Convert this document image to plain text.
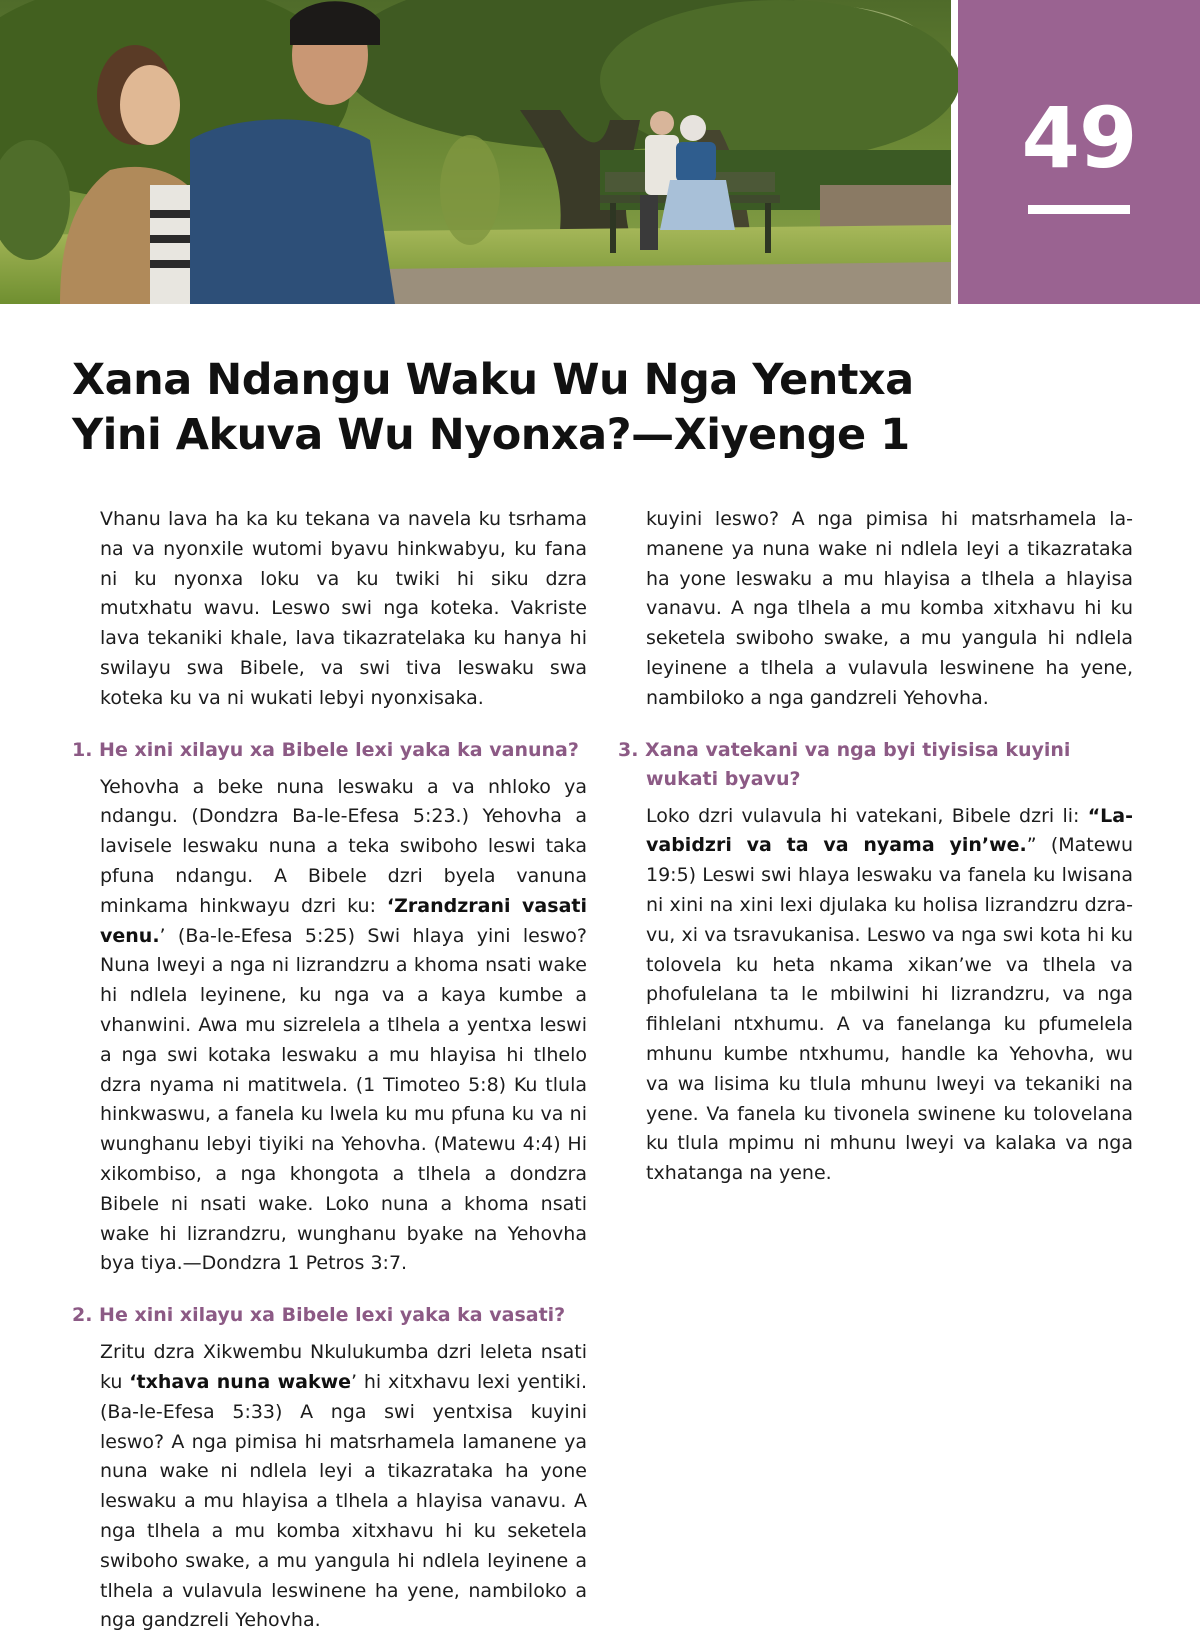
49
Xana Ndangu Waku Wu Nga Yentxa
Yini Akuva Wu Nyonxa?—Xiyenge 1

Vhanu lava ha ka ku tekana va navela ku tsrhama na va nyonxile wutomi byavu hinkwabyu, ku fana ni ku nyonxa loku va ku twiki hi siku dzra mutxhatu wavu. Leswo swi nga koteka. Vakriste lava tekaniki khale, lava tikazratelaka ku hanya hi swilayu swa Bibele, va swi tiva leswaku swa koteka ku va ni wukati lebyi nyonxisaka.

1. He xini xilayu xa Bibele lexi yaka ka vanuna?

Yehovha a beke nuna leswaku a va nhloko ya ndangu. (Dondzra Ba-le-Efesa 5:23.) Yehovha a lavisele leswaku nuna a teka swiboho leswi taka pfuna ndangu. A Bibele dzri byela vanuna minkama hinkwayu dzri ku: ‘Zrandzrani vasati venu.’ (Ba-le-Efesa 5:25) Swi hlaya yini leswo? Nuna lweyi a nga ni lizrandzru a khoma nsati wake hi ndlela leyinene, ku nga va a kaya kumbe a vhanwini. Awa mu sizrelela a tlhela a yentxa leswi a nga swi kotaka leswaku a mu hlayisa hi tlhelo dzra nyama ni matitwela. (1 Timoteo 5:8) Ku tlula hinkwaswu, a fanela ku lwela ku mu pfuna ku va ni wunghanu lebyi tiyiki na Yehovha. (Matewu 4:4) Hi xikombiso, a nga khongota a tlhela a dondzra Bibele ni nsati wake. Loko nuna a khoma nsati wake hi lizrandzru, wunghanu byake na Yehovha bya tiya.—Dondzra 1 Petros 3:7.

2. He xini xilayu xa Bibele lexi yaka ka vasati?

Zritu dzra Xikwembu Nkulukumba dzri leleta nsati ku ‘txhava nuna wakwe’ hi xitxhavu lexi yentiki. (Ba-le-Efesa 5:33) A nga swi yentxisa kuyini leswo? A nga pimisa hi matsrhamela lamanene ya nuna wake ni ndlela leyi a tikazrataka ha yone leswaku a mu hlayisa a tlhela a hlayisa vanavu. A nga tlhela a mu komba xitxhavu hi ku seketela swiboho swake, a mu yangula hi ndlela leyinene a tlhela a vulavula leswinene ha yene, nambiloko a nga gandzreli Yehovha.

kuyini leswo? A nga pimisa hi matsrhamela lamanene ya nuna wake ni ndlela leyi a tikazrataka ha yone leswaku a mu hlayisa a tlhela a hlayisa vanavu. A nga tlhela a mu komba xitxhavu hi ku seketela swiboho swake, a mu yangula hi ndlela leyinene a tlhela a vulavula leswinene ha yene, nambiloko a nga gandzreli Yehovha.

3. Xana vatekani va nga byi tiyisisa kuyini wukati byavu?

Loko dzri vulavula hi vatekani, Bibele dzri li: “Lavabidzri va ta va nyama yin’we.” (Matewu 19:5) Leswi swi hlaya leswaku va fanela ku lwisana ni xini na xini lexi djulaka ku holisa lizrandzru dzravu, xi va tsravukanisa. Leswo va nga swi kota hi ku tolovela ku heta nkama xikan’we va tlhela va phofulelana ta le mbilwini hi lizrandzru, va nga fihlelani ntxhumu. A va fanelanga ku pfumelela mhunu kumbe ntxhumu, handle ka Yehovha, wu va wa lisima ku tlula mhunu lweyi va tekaniki na yene. Va fanela ku tivonela swinene ku tolovelana ku tlula mpimu ni mhunu lweyi va kalaka va nga txhatanga na yene.
